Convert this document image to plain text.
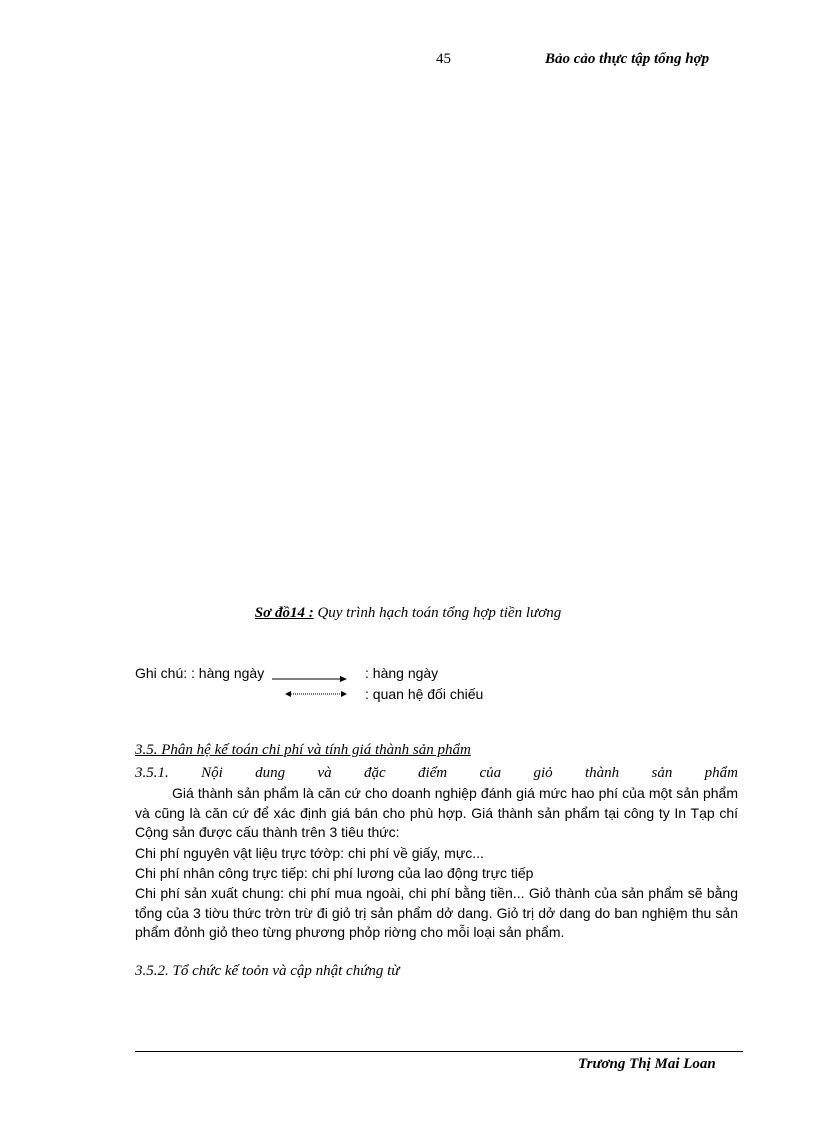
45	Bảo cảo thực tập tổng hợp
Sơ đồ14 : Quy trình hạch toán tổng hợp tiền lương
Ghi chú: : hàng ngày	: hàng ngày
: quan hệ đối chiếu
3.5. Phân hệ kế toán chi phí và tính giá thành sản phẩm
3.5.1. Nội dung và đặc điểm của giỏ thành sản phẩm
Giá thành sản phẩm là căn cứ cho doanh nghiệp đánh giá mức hao phí của một sản phẩm và cũng là căn cứ để xác định giá bán cho phù hợp. Giá thành sản phẩm tại công ty In Tạp chí Cộng sản được cấu thành trên 3 tiêu thức:
Chi phí nguyên vật liệu trực tớờp: chi phí về giấy, mực...
Chi phí nhân công trực tiếp: chi phí lương của lao động trực tiếp
Chi phí sản xuất chung: chi phí mua ngoài, chi phí bằng tiền... Giỏ thành của sản phẩm sẽ bằng tổng của 3 tiờu thức trờn trừ đi giỏ trị sản phẩm dở dang. Giỏ trị dở dang do ban nghiệm thu sản phẩm đỏnh giỏ theo từng phương phỏp riờng cho mỗi loại sản phẩm.
3.5.2. Tổ chức kế toỏn và cập nhật chứng từ
Trương Thị Mai Loan
